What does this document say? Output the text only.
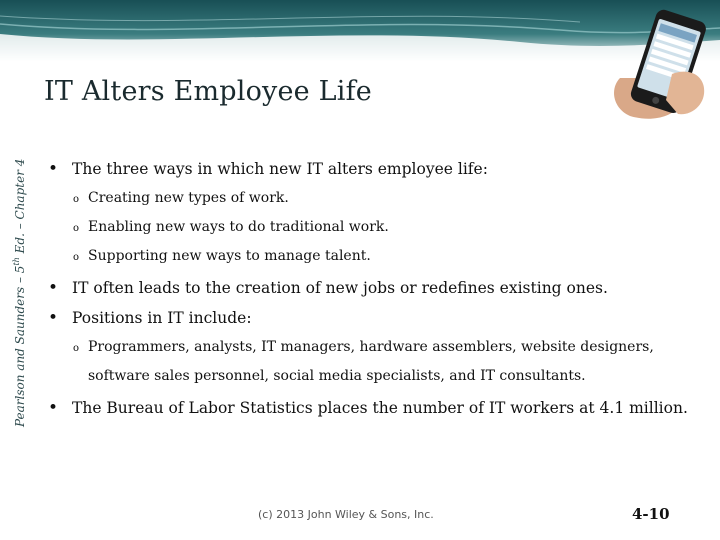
Pearlson and Saunders – 5th Ed. – Chapter 4
IT Alters Employee Life
• The three ways in which new IT alters employee life:
o Creating new types of work.
o Enabling new ways to do traditional work.
o Supporting new ways to manage talent.
• IT often leads to the creation of new jobs or redefines existing ones.
• Positions in IT include:
o Programmers, analysts, IT managers, hardware assemblers, website designers, software sales personnel, social media specialists, and IT consultants.
• The Bureau of Labor Statistics places the number of IT workers at 4.1 million.
(c) 2013 John Wiley & Sons, Inc.	4-10
